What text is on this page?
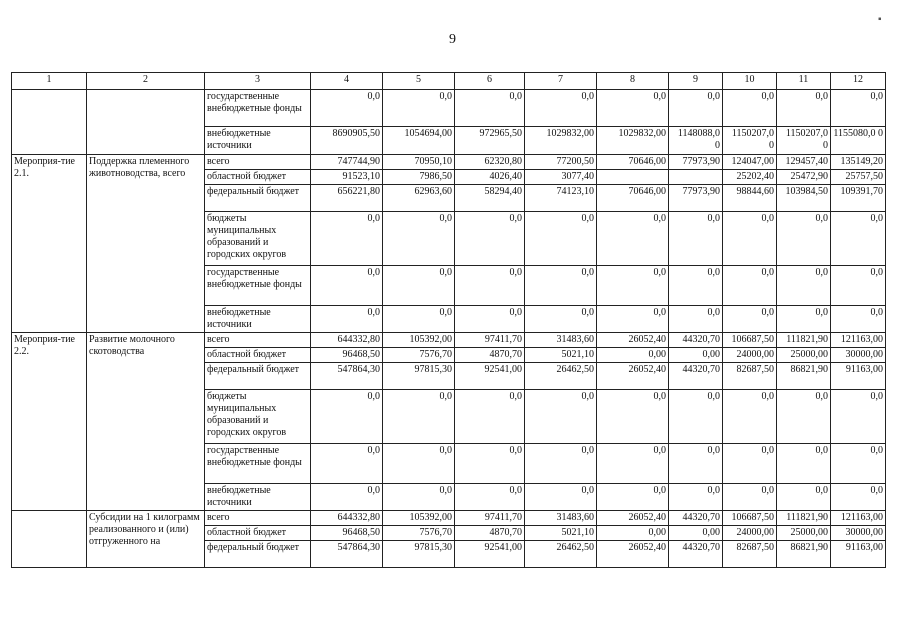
9
▪
1	2	3	4	5	6	7	8	9	10	11	12
		государственные внебюджетные фонды	0,0	0,0	0,0	0,0	0,0	0,0	0,0	0,0	0,0
		внебюджетные источники	8690905,50	1054694,00	972965,50	1029832,00	1029832,00	1148088,0 0	1150207,0 0	1150207,0 0	1155080,0 0
Мероприя-тие 2.1.	Поддержка племенного животноводства, всего	всего	747744,90	70950,10	62320,80	77200,50	70646,00	77973,90	124047,00	129457,40	135149,20
		областной бюджет	91523,10	7986,50	4026,40	3077,40			25202,40	25472,90	25757,50
		федеральный бюджет	656221,80	62963,60	58294,40	74123,10	70646,00	77973,90	98844,60	103984,50	109391,70
		бюджеты муниципальных образований и городских округов	0,0	0,0	0,0	0,0	0,0	0,0	0,0	0,0	0,0
		государственные внебюджетные фонды	0,0	0,0	0,0	0,0	0,0	0,0	0,0	0,0	0,0
		внебюджетные источники	0,0	0,0	0,0	0,0	0,0	0,0	0,0	0,0	0,0
Мероприя-тие 2.2.	Развитие молочного скотоводства	всего	644332,80	105392,00	97411,70	31483,60	26052,40	44320,70	106687,50	111821,90	121163,00
		областной бюджет	96468,50	7576,70	4870,70	5021,10	0,00	0,00	24000,00	25000,00	30000,00
		федеральный бюджет	547864,30	97815,30	92541,00	26462,50	26052,40	44320,70	82687,50	86821,90	91163,00
		бюджеты муниципальных образований и городских округов	0,0	0,0	0,0	0,0	0,0	0,0	0,0	0,0	0,0
		государственные внебюджетные фонды	0,0	0,0	0,0	0,0	0,0	0,0	0,0	0,0	0,0
		внебюджетные источники	0,0	0,0	0,0	0,0	0,0	0,0	0,0	0,0	0,0
	Субсидии на 1 килограмм реализованного и (или) отгруженного на	всего	644332,80	105392,00	97411,70	31483,60	26052,40	44320,70	106687,50	111821,90	121163,00
		областной бюджет	96468,50	7576,70	4870,70	5021,10	0,00	0,00	24000,00	25000,00	30000,00
		федеральный бюджет	547864,30	97815,30	92541,00	26462,50	26052,40	44320,70	82687,50	86821,90	91163,00
